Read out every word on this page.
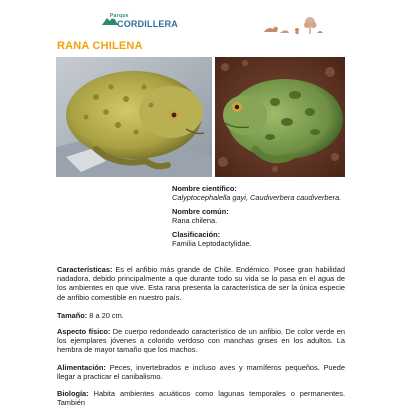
Parque
CORDILLERA
RANA CHILENA
Nombre científico:
Calyptocephalella gayi, Caudiverbera caudiverbera.
Nombre común:
Rana chilena.
Clasificación:
Familia Leptodactylidae.

Características: Es el anfibio más grande de Chile. Endémico. Posee gran habilidad nadadora, debido principalmente a que durante todo su vida se lo pasa en el agua de los ambientes en que vive. Esta rana presenta la característica de ser la única especie de anfibio comestible en nuestro país.

Tamaño: 8 a 20 cm.

Aspecto físico: De cuerpo redondeado característico de un anfibio. De color verde en los ejemplares jóvenes a colorido verdoso con manchas grises en los adultos. La hembra de mayor tamaño que los machos.

Alimentación: Peces, invertebrados e incluso aves y mamíferos pequeños. Puede llegar a practicar el canibalismo.

Biología: Habita ambientes acuáticos como lagunas temporales o permanentes. También
